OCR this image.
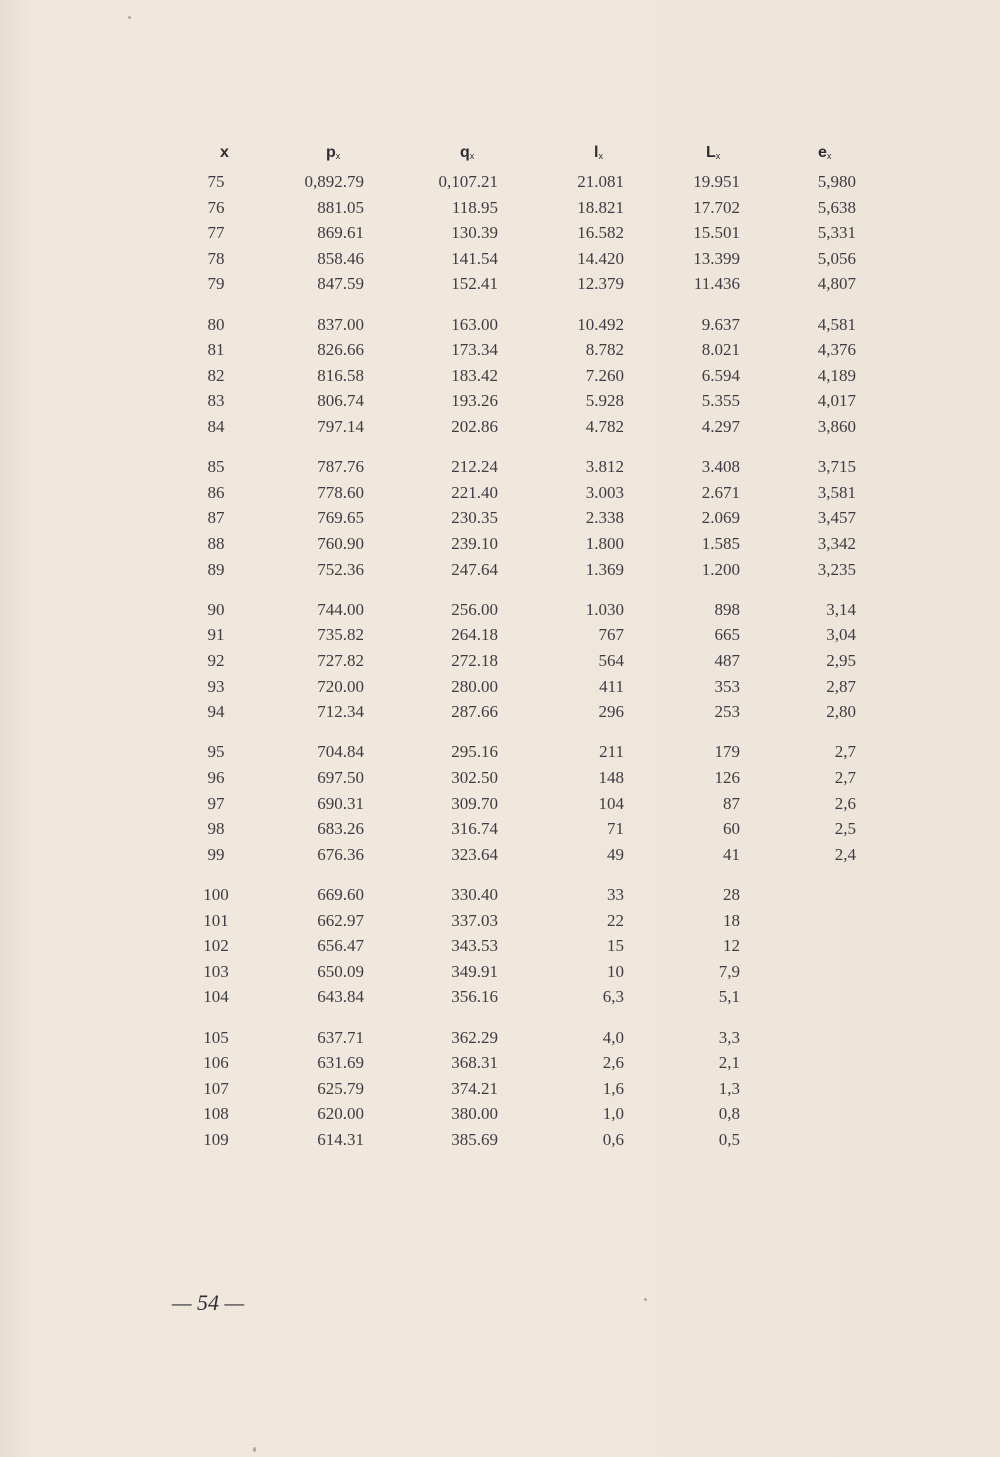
x	$p_x$	$q_x$	$l_x$	$L_x$	$e_x$
75	0,892.79	0,107.21	21.081	19.951	5,980
76	881.05	118.95	18.821	17.702	5,638
77	869.61	130.39	16.582	15.501	5,331
78	858.46	141.54	14.420	13.399	5,056
79	847.59	152.41	12.379	11.436	4,807
80	837.00	163.00	10.492	9.637	4,581
81	826.66	173.34	8.782	8.021	4,376
82	816.58	183.42	7.260	6.594	4,189
83	806.74	193.26	5.928	5.355	4,017
84	797.14	202.86	4.782	4.297	3,860
85	787.76	212.24	3.812	3.408	3,715
86	778.60	221.40	3.003	2.671	3,581
87	769.65	230.35	2.338	2.069	3,457
88	760.90	239.10	1.800	1.585	3,342
89	752.36	247.64	1.369	1.200	3,235
90	744.00	256.00	1.030	898	3,14
91	735.82	264.18	767	665	3,04
92	727.82	272.18	564	487	2,95
93	720.00	280.00	411	353	2,87
94	712.34	287.66	296	253	2,80
95	704.84	295.16	211	179	2,7
96	697.50	302.50	148	126	2,7
97	690.31	309.70	104	87	2,6
98	683.26	316.74	71	60	2,5
99	676.36	323.64	49	41	2,4
100	669.60	330.40	33	28
101	662.97	337.03	22	18
102	656.47	343.53	15	12
103	650.09	349.91	10	7,9
104	643.84	356.16	6,3	5,1
105	637.71	362.29	4,0	3,3
106	631.69	368.31	2,6	2,1
107	625.79	374.21	1,6	1,3
108	620.00	380.00	1,0	0,8
109	614.31	385.69	0,6	0,5
— 54 —
